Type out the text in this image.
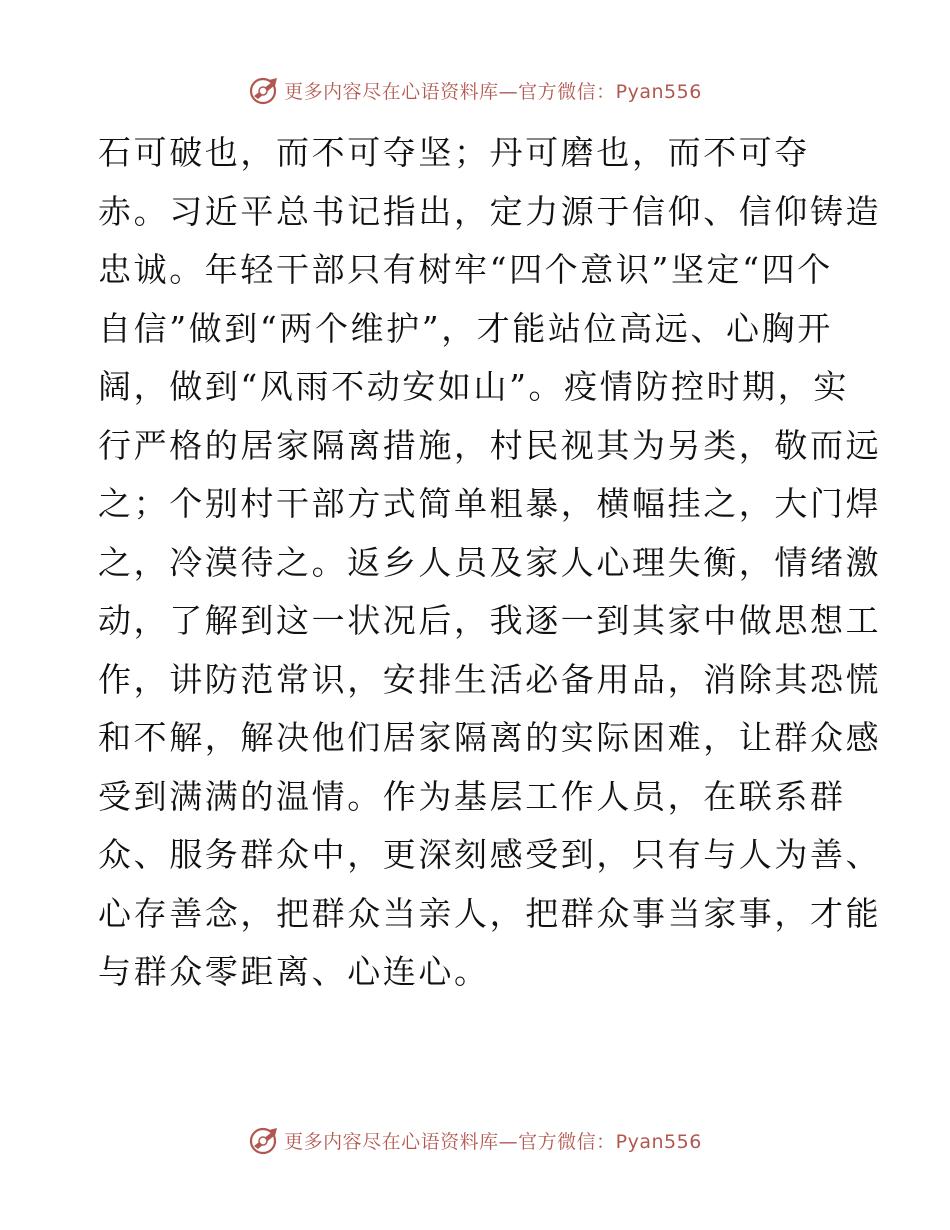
更多内容尽在心语资料库—官方微信：Pyan556
石可破也，而不可夺坚；丹可磨也，而不可夺
赤。习近平总书记指出，定力源于信仰、信仰铸造
忠诚。年轻干部只有树牢“四个意识”坚定“四个
自信”做到“两个维护”，才能站位高远、心胸开
阔，做到“风雨不动安如山”。疫情防控时期，实
行严格的居家隔离措施，村民视其为另类，敬而远
之；个别村干部方式简单粗暴，横幅挂之，大门焊
之，冷漠待之。返乡人员及家人心理失衡，情绪激
动，了解到这一状况后，我逐一到其家中做思想工
作，讲防范常识，安排生活必备用品，消除其恐慌
和不解，解决他们居家隔离的实际困难，让群众感
受到满满的温情。作为基层工作人员，在联系群
众、服务群众中，更深刻感受到，只有与人为善、
心存善念，把群众当亲人，把群众事当家事，才能
与群众零距离、心连心。
更多内容尽在心语资料库—官方微信：Pyan556
